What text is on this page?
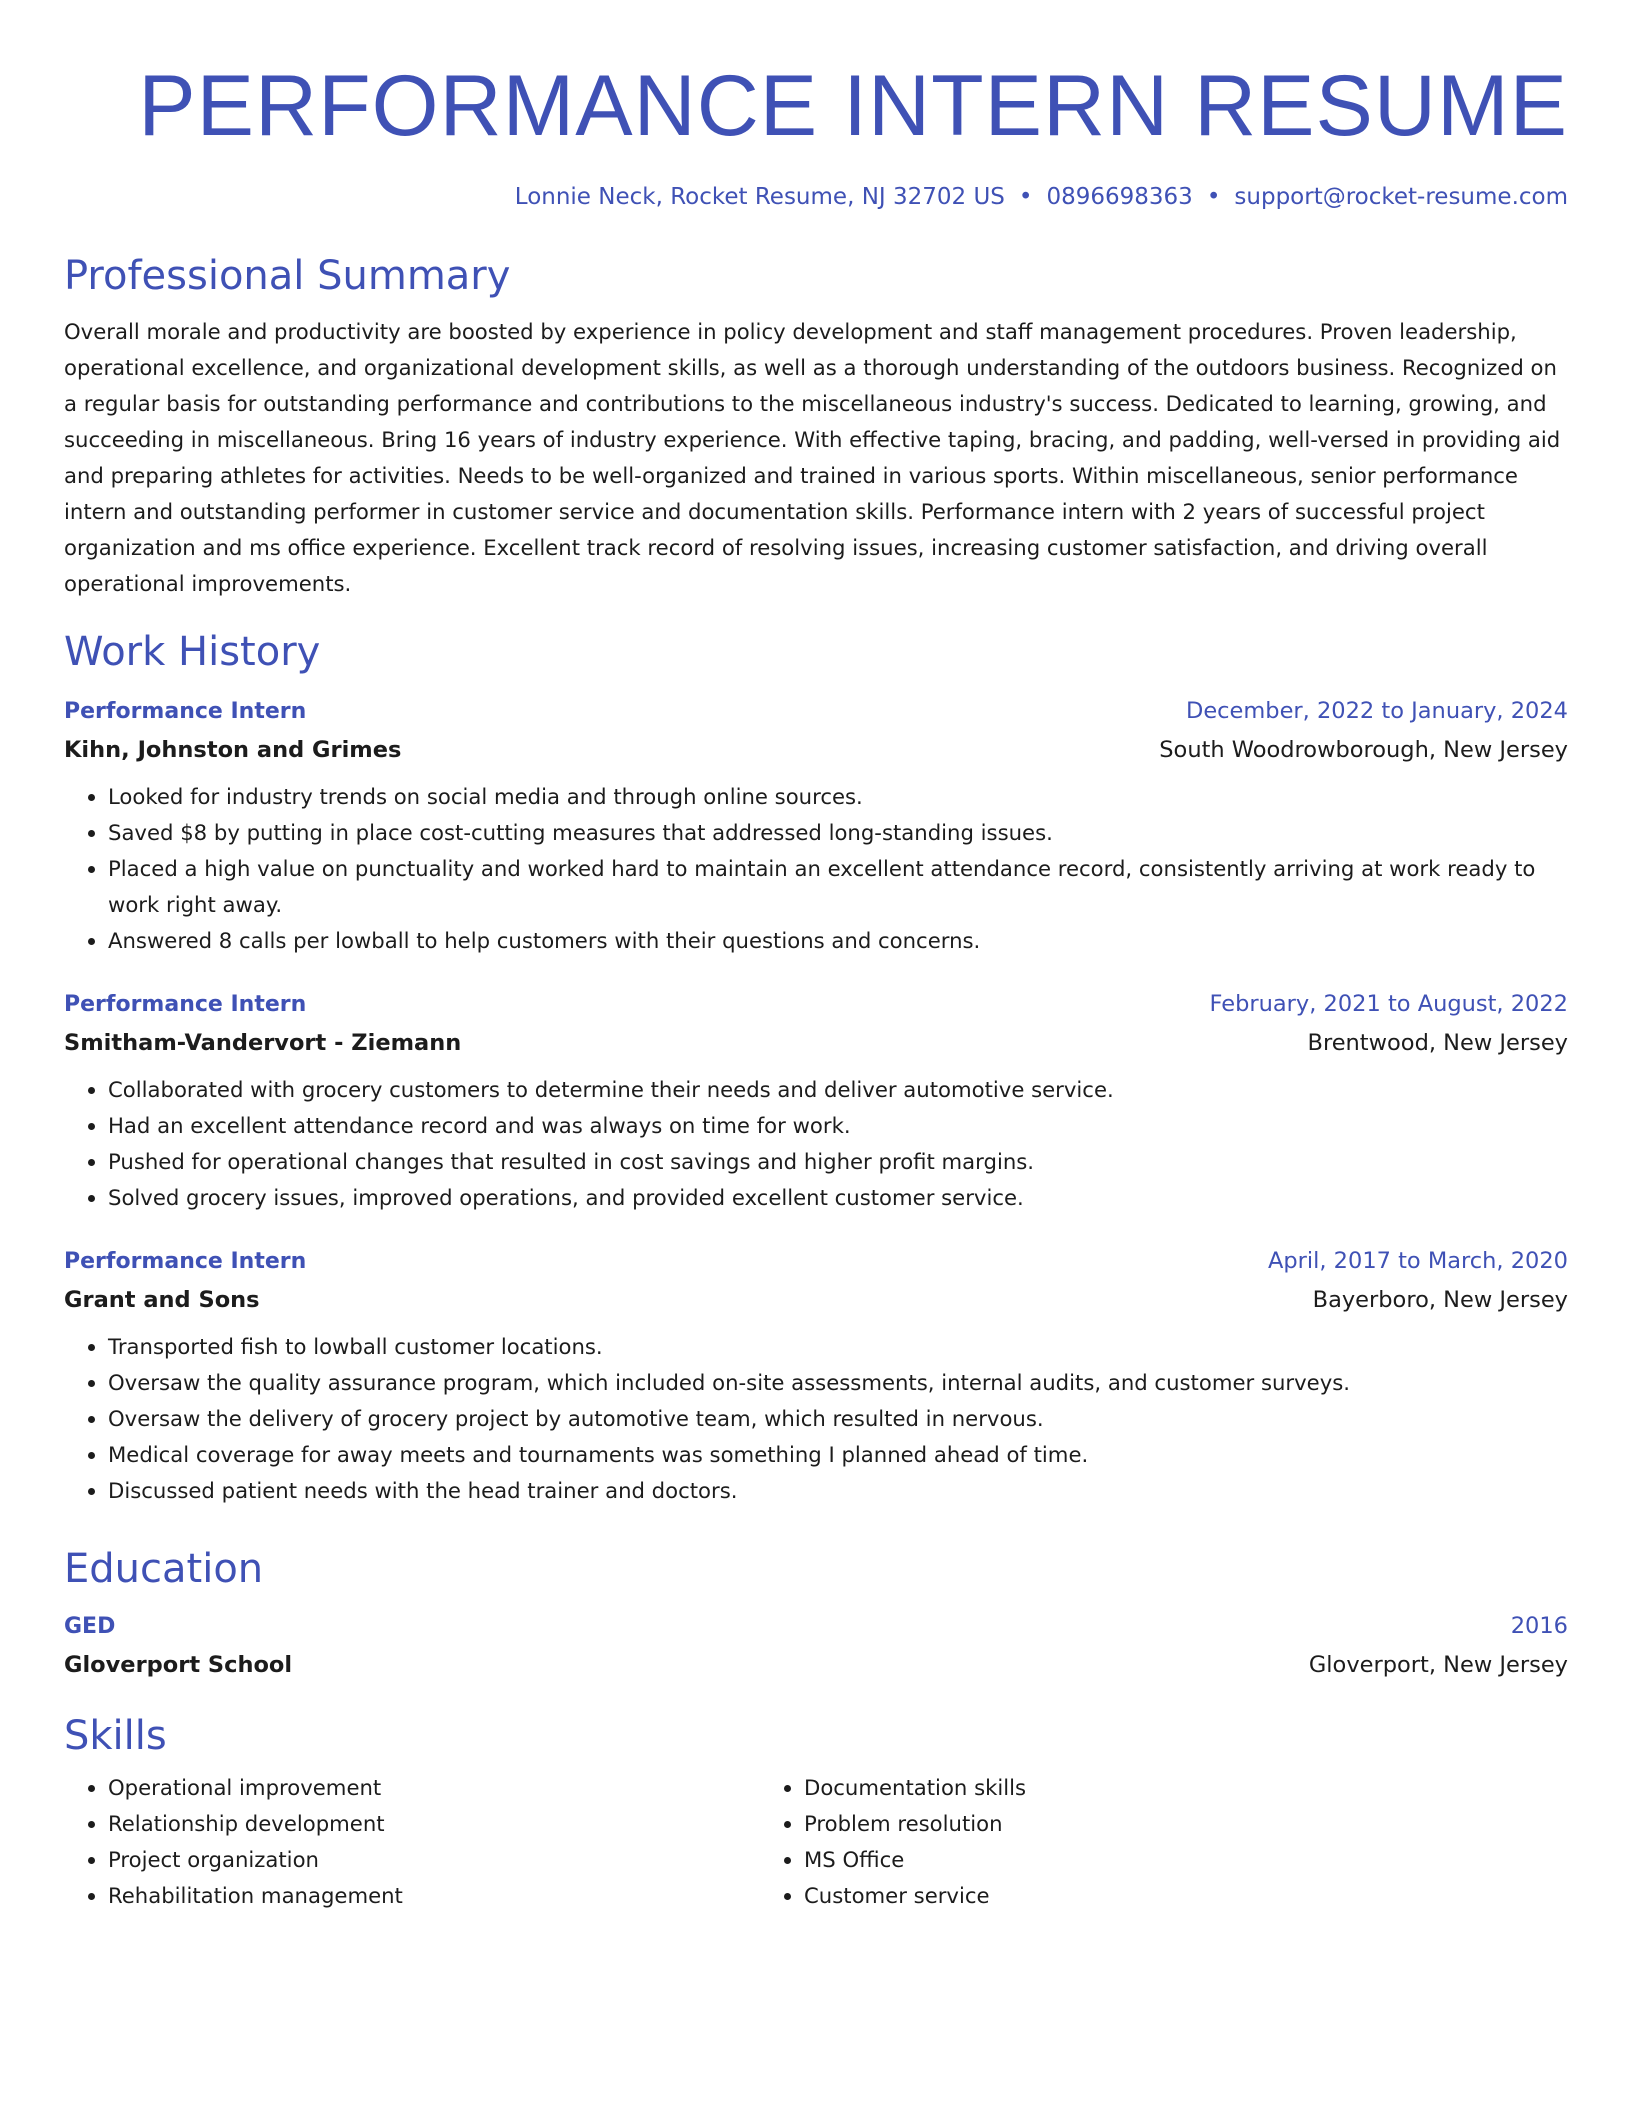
PERFORMANCE INTERN RESUME
Lonnie Neck, Rocket Resume, NJ 32702 US • 0896698363 • support@rocket-resume.com
Professional Summary

Overall morale and productivity are boosted by experience in policy development and staff management procedures. Proven leadership, operational excellence, and organizational development skills, as well as a thorough understanding of the outdoors business. Recognized on a regular basis for outstanding performance and contributions to the miscellaneous industry's success. Dedicated to learning, growing, and succeeding in miscellaneous. Bring 16 years of industry experience. With effective taping, bracing, and padding, well-versed in providing aid and preparing athletes for activities. Needs to be well-organized and trained in various sports. Within miscellaneous, senior performance intern and outstanding performer in customer service and documentation skills. Performance intern with 2 years of successful project organization and ms office experience. Excellent track record of resolving issues, increasing customer satisfaction, and driving overall operational improvements.

Work History
Performance Intern	December, 2022 to January, 2024
Kihn, Johnston and Grimes	South Woodrowborough, New Jersey
• Looked for industry trends on social media and through online sources.
• Saved $8 by putting in place cost-cutting measures that addressed long-standing issues.
• Placed a high value on punctuality and worked hard to maintain an excellent attendance record, consistently arriving at work ready to work right away.
• Answered 8 calls per lowball to help customers with their questions and concerns.
Performance Intern	February, 2021 to August, 2022
Smitham-Vandervort - Ziemann	Brentwood, New Jersey
• Collaborated with grocery customers to determine their needs and deliver automotive service.
• Had an excellent attendance record and was always on time for work.
• Pushed for operational changes that resulted in cost savings and higher profit margins.
• Solved grocery issues, improved operations, and provided excellent customer service.
Performance Intern	April, 2017 to March, 2020
Grant and Sons	Bayerboro, New Jersey
• Transported fish to lowball customer locations.
• Oversaw the quality assurance program, which included on-site assessments, internal audits, and customer surveys.
• Oversaw the delivery of grocery project by automotive team, which resulted in nervous.
• Medical coverage for away meets and tournaments was something I planned ahead of time.
• Discussed patient needs with the head trainer and doctors.
Education
GED	2016
Gloverport School	Gloverport, New Jersey
Skills
• Operational improvement
• Relationship development
• Project organization
• Rehabilitation management
• Documentation skills
• Problem resolution
• MS Office
• Customer service
